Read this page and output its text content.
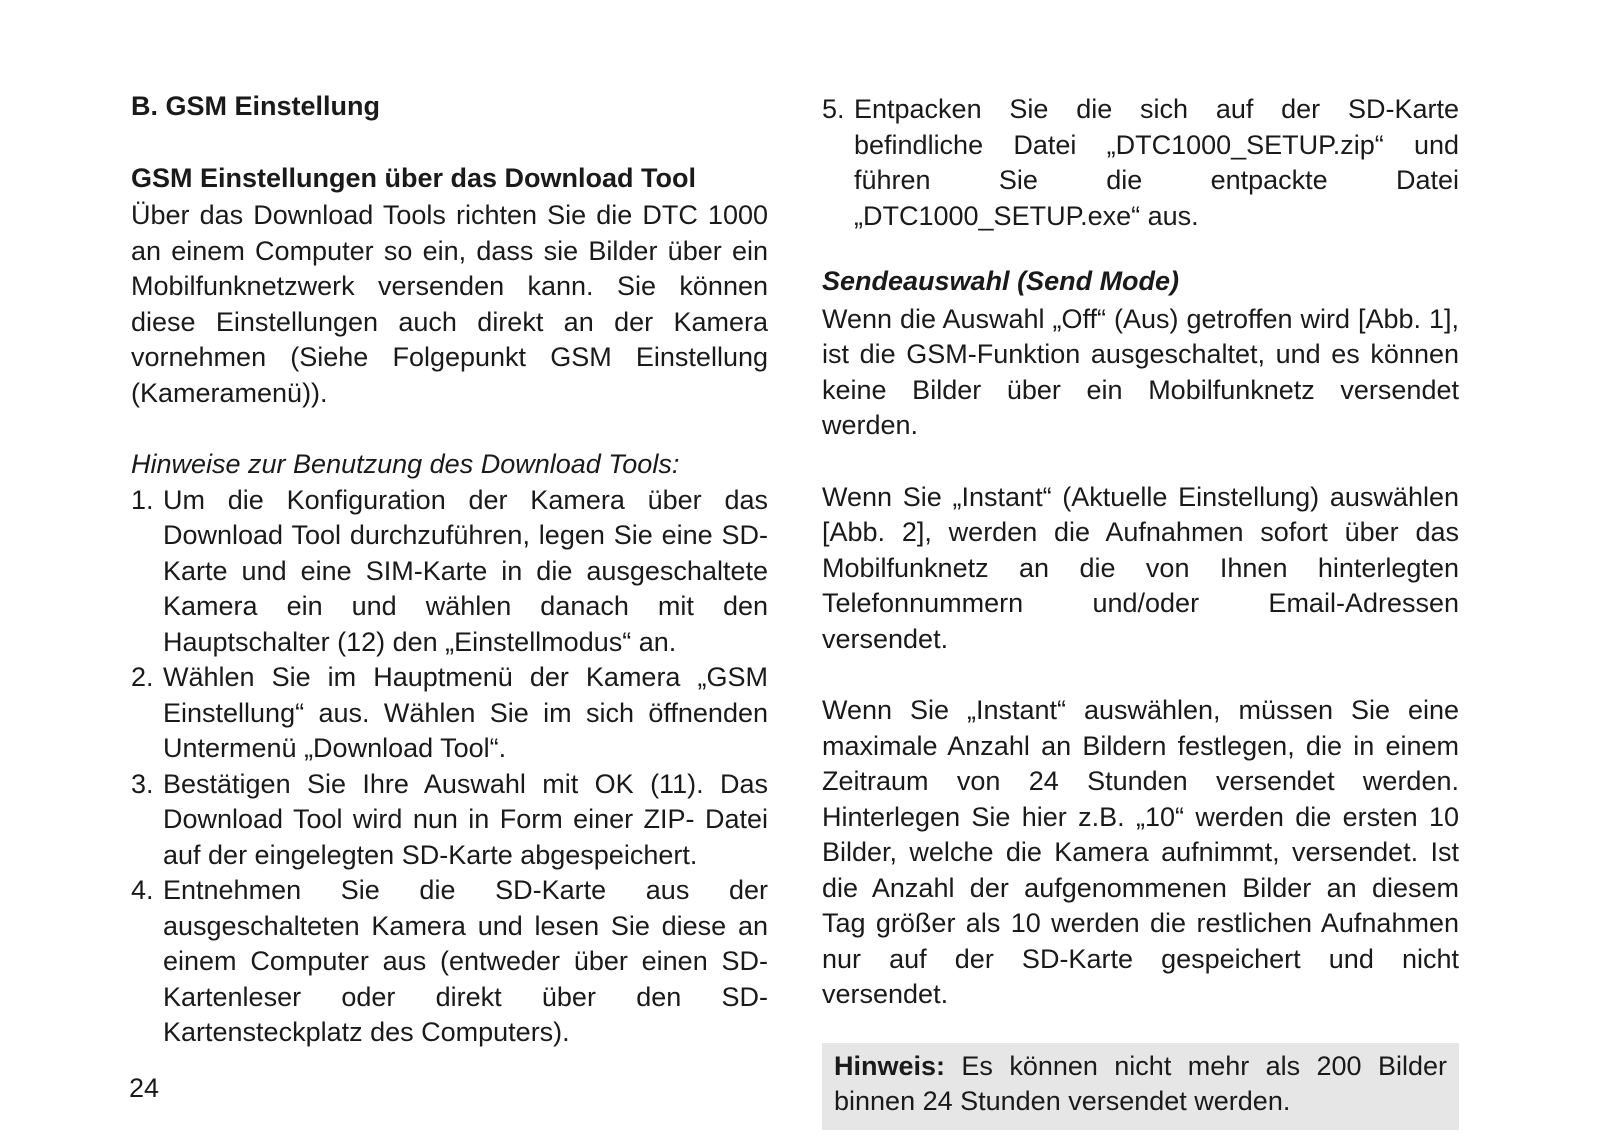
B. GSM Einstellung
GSM Einstellungen über das Download Tool

Über das Download Tools richten Sie die DTC 1000 an einem Computer so ein, dass sie Bilder über ein Mobilfunknetzwerk versenden kann. Sie können diese Einstellungen auch direkt an der Kamera vornehmen (Siehe Folgepunkt GSM Einstellung (Kameramenü)).

Hinweise zur Benutzung des Download Tools:
1. Um die Konfiguration der Kamera über das Download Tool durchzuführen, legen Sie eine SD-Karte und eine SIM-Karte in die ausgeschaltete Kamera ein und wählen danach mit den Hauptschalter (12) den „Einstellmodus“ an.
2. Wählen Sie im Hauptmenü der Kamera „GSM Einstellung“ aus. Wählen Sie im sich öffnenden Untermenü „Download Tool“.
3. Bestätigen Sie Ihre Auswahl mit OK (11). Das Download Tool wird nun in Form einer ZIP- Datei auf der eingelegten SD-Karte abgespeichert.
4. Entnehmen Sie die SD-Karte aus der ausgeschalteten Kamera und lesen Sie diese an einem Computer aus (entweder über einen SD-Kartenleser oder direkt über den SD-Kartensteckplatz des Computers).
5. Entpacken Sie die sich auf der SD-Karte befindliche Datei „DTC1000_SETUP.zip“ und führen Sie die entpackte Datei „DTC1000_SETUP.exe“ aus.
Sendeauswahl (Send Mode)

Wenn die Auswahl „Off“ (Aus) getroffen wird [Abb. 1], ist die GSM-Funktion ausgeschaltet, und es können keine Bilder über ein Mobilfunknetz versendet werden.

Wenn Sie „Instant“ (Aktuelle Einstellung) auswählen [Abb. 2], werden die Aufnahmen sofort über das Mobilfunknetz an die von Ihnen hinterlegten Telefonnummern und/oder Email-Adressen versendet.

Wenn Sie „Instant“ auswählen, müssen Sie eine maximale Anzahl an Bildern festlegen, die in einem Zeitraum von 24 Stunden versendet werden. Hinterlegen Sie hier z.B. „10“ werden die ersten 10 Bilder, welche die Kamera aufnimmt, versendet. Ist die Anzahl der aufgenommenen Bilder an diesem Tag größer als 10 werden die restlichen Aufnahmen nur auf der SD-Karte gespeichert und nicht versendet.

Hinweis: Es können nicht mehr als 200 Bilder binnen 24 Stunden versendet werden.

24
